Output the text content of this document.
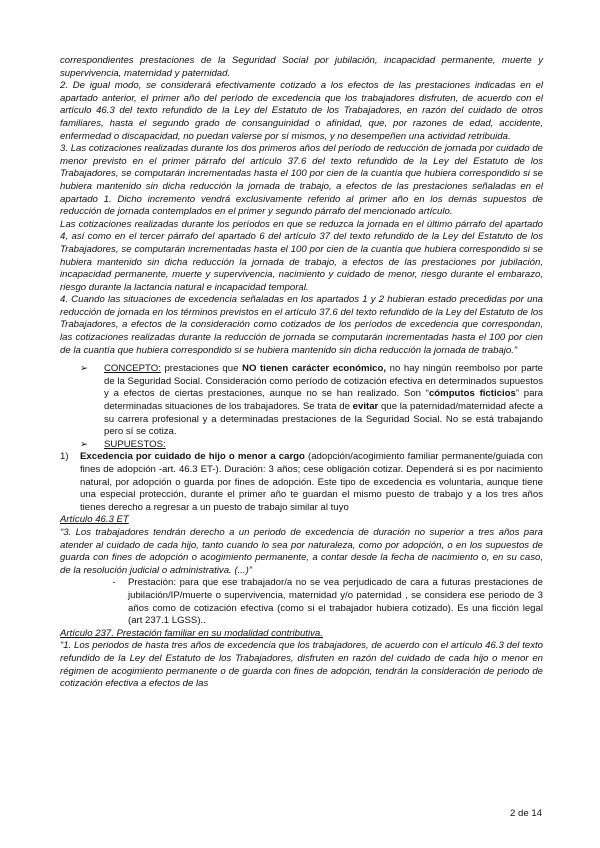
correspondientes prestaciones de la Seguridad Social por jubilación, incapacidad permanente, muerte y supervivencia, maternidad y paternidad.

2. De igual modo, se considerará efectivamente cotizado a los efectos de las prestaciones indicadas en el apartado anterior, el primer año del período de excedencia que los trabajadores disfruten, de acuerdo con el artículo 46.3 del texto refundido de la Ley del Estatuto de los Trabajadores, en razón del cuidado de otros familiares, hasta el segundo grado de consanguinidad o afinidad, que, por razones de edad, accidente, enfermedad o discapacidad, no puedan valerse por sí mismos, y no desempeñen una actividad retribuida.

3. Las cotizaciones realizadas durante los dos primeros años del período de reducción de jornada por cuidado de menor previsto en el primer párrafo del artículo 37.6 del texto refundido de la Ley del Estatuto de los Trabajadores, se computarán incrementadas hasta el 100 por cien de la cuantía que hubiera correspondido si se hubiera mantenido sin dicha reducción la jornada de trabajo, a efectos de las prestaciones señaladas en el apartado 1. Dicho incremento vendrá exclusivamente referido al primer año en los demás supuestos de reducción de jornada contemplados en el primer y segundo párrafo del mencionado artículo.

Las cotizaciones realizadas durante los períodos en que se reduzca la jornada en el último párrafo del apartado 4, así como en el tercer párrafo del apartado 6 del artículo 37 del texto refundido de la Ley del Estatuto de los Trabajadores, se computarán incrementadas hasta el 100 por cien de la cuantía que hubiera correspondido si se hubiera mantenido sin dicha reducción la jornada de trabajo, a efectos de las prestaciones por jubilación, incapacidad permanente, muerte y supervivencia, nacimiento y cuidado de menor, riesgo durante el embarazo, riesgo durante la lactancia natural e incapacidad temporal.

4. Cuando las situaciones de excedencia señaladas en los apartados 1 y 2 hubieran estado precedidas por una reducción de jornada en los términos previstos en el artículo 37.6 del texto refundido de la Ley del Estatuto de los Trabajadores, a efectos de la consideración como cotizados de los períodos de excedencia que correspondan, las cotizaciones realizadas durante la reducción de jornada se computarán incrementadas hasta el 100 por cien de la cuantía que hubiera correspondido si se hubiera mantenido sin dicha reducción la jornada de trabajo.”

➢	CONCEPTO: prestaciones que NO tienen carácter económico, no hay ningún reembolso por parte de la Seguridad Social. Consideración como período de cotización efectiva en determinados supuestos y a efectos de ciertas prestaciones, aunque no se han realizado. Son “cómputos ficticios” para determinadas situaciones de los trabajadores. Se trata de evitar que la paternidad/maternidad afecte a su carrera profesional y a determinadas prestaciones de la Seguridad Social. No se está trabajando pero sí se cotiza.
➢	SUPUESTOS:
1)	Excedencia por cuidado de hijo o menor a cargo (adopción/acogimiento familiar permanente/guiada con fines de adopción -art. 46.3 ET-). Duración: 3 años; cese obligación cotizar. Dependerá si es por nacimiento natural, por adopción o guarda por fines de adopción. Este tipo de excedencia es voluntaria, aunque tiene una especial protección, durante el primer año te guardan el mismo puesto de trabajo y a los tres años tienes derecho a regresar a un puesto de trabajo similar al tuyo

Artículo 46.3 ET

“3. Los trabajadores tendrán derecho a un periodo de excedencia de duración no superior a tres años para atender al cuidado de cada hijo, tanto cuando lo sea por naturaleza, como por adopción, o en los supuestos de guarda con fines de adopción o acogimiento permanente, a contar desde la fecha de nacimiento o, en su caso, de la resolución judicial o administrativa. (...)”

-	Prestación: para que ese trabajador/a no se vea perjudicado de cara a futuras prestaciones de jubilación/IP/muerte o supervivencia, maternidad y/o paternidad , se considera ese periodo de 3 años como de cotización efectiva (como si el trabajador hubiera cotizado). Es una ficción legal (art 237.1 LGSS)..

Artículo 237. Prestación familiar en su modalidad contributiva.

“1. Los periodos de hasta tres años de excedencia que los trabajadores, de acuerdo con el artículo 46.3 del texto refundido de la Ley del Estatuto de los Trabajadores, disfruten en razón del cuidado de cada hijo o menor en régimen de acogimiento permanente o de guarda con fines de adopción, tendrán la consideración de periodo de cotización efectiva a efectos de las

2 de 14
